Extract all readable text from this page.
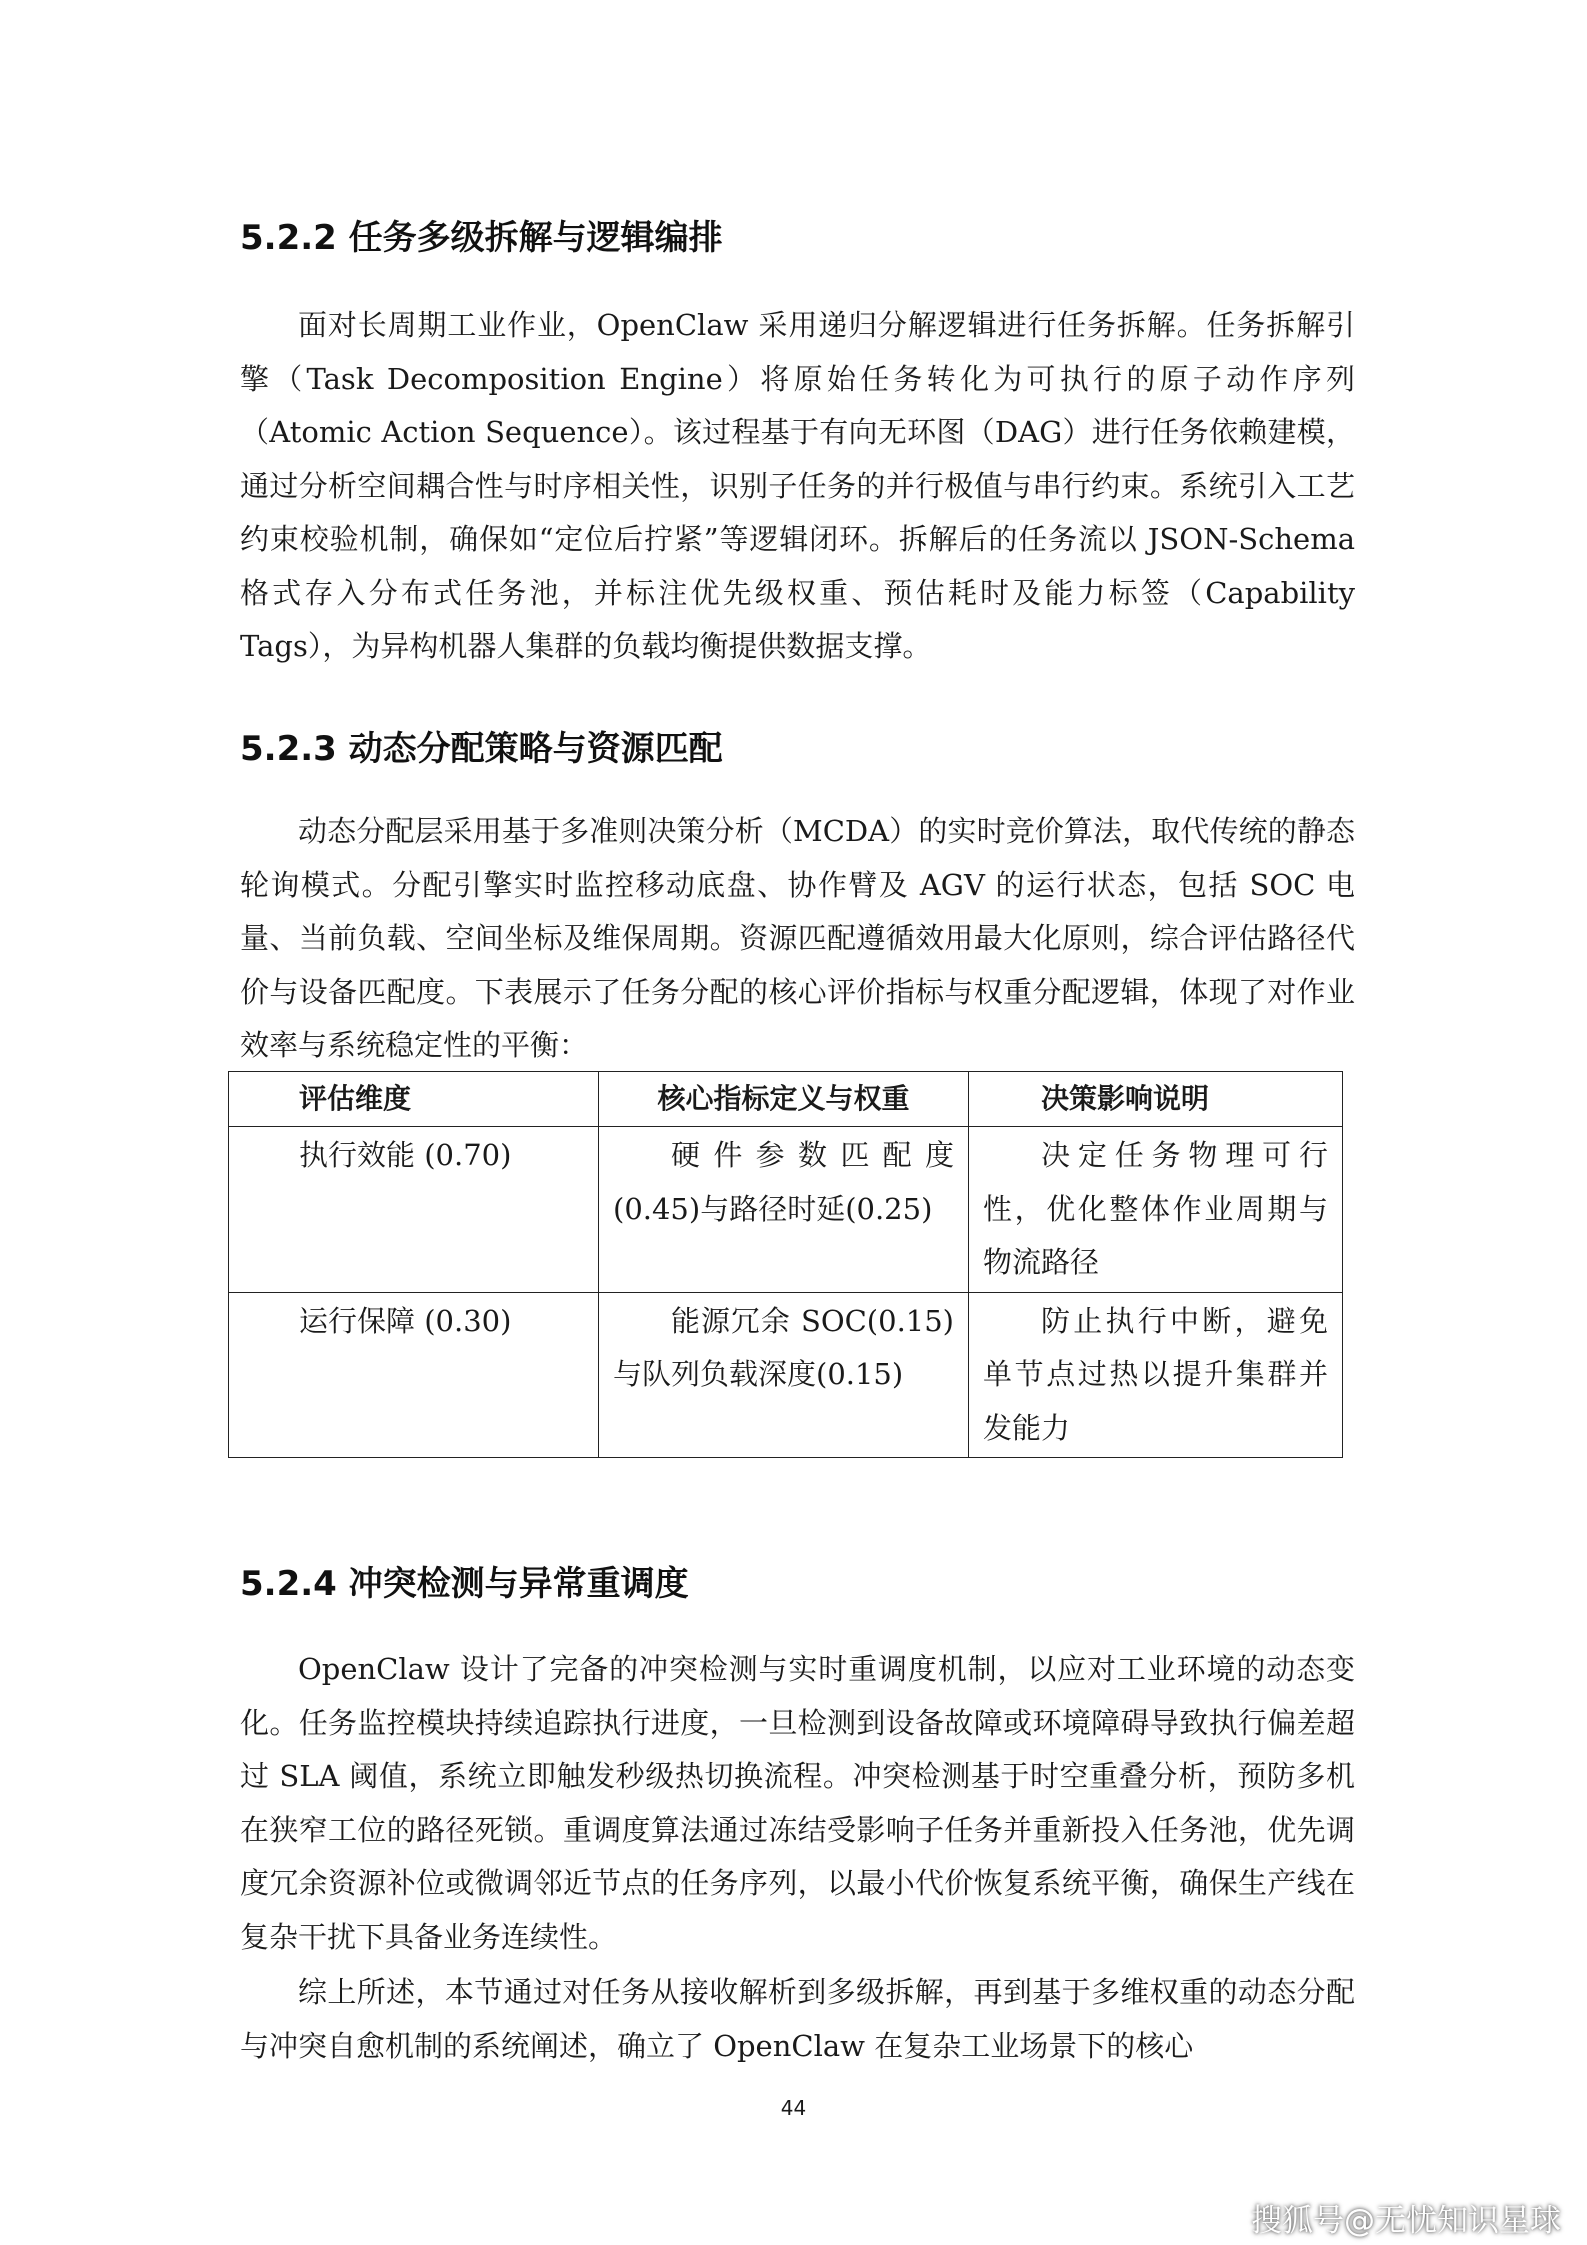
5.2.2 任务多级拆解与逻辑编排

面对长周期工业作业，OpenClaw 采用递归分解逻辑进行任务拆解。任务拆解引擎（Task Decomposition Engine）将原始任务转化为可执行的原子动作序列（Atomic Action Sequence）。该过程基于有向无环图（DAG）进行任务依赖建模，通过分析空间耦合性与时序相关性，识别子任务的并行极值与串行约束。系统引入工艺约束校验机制，确保如“定位后拧紧”等逻辑闭环。拆解后的任务流以 JSON-Schema 格式存入分布式任务池，并标注优先级权重、预估耗时及能力标签（Capability Tags），为异构机器人集群的负载均衡提供数据支撑。

5.2.3 动态分配策略与资源匹配

动态分配层采用基于多准则决策分析（MCDA）的实时竞价算法，取代传统的静态轮询模式。分配引擎实时监控移动底盘、协作臂及 AGV 的运行状态，包括 SOC 电量、当前负载、空间坐标及维保周期。资源匹配遵循效用最大化原则，综合评估路径代价与设备匹配度。下表展示了任务分配的核心评价指标与权重分配逻辑，体现了对作业效率与系统稳定性的平衡：

评估维度	核心指标定义与权重	决策影响说明
执行效能 (0.70)	硬件参数匹配度(0.45)与路径时延(0.25)	决定任务物理可行性，优化整体作业周期与物流路径
运行保障 (0.30)	能源冗余 SOC(0.15)与队列负载深度(0.15)	防止执行中断，避免单节点过热以提升集群并发能力
5.2.4 冲突检测与异常重调度

OpenClaw 设计了完备的冲突检测与实时重调度机制，以应对工业环境的动态变化。任务监控模块持续追踪执行进度，一旦检测到设备故障或环境障碍导致执行偏差超过 SLA 阈值，系统立即触发秒级热切换流程。冲突检测基于时空重叠分析，预防多机在狭窄工位的路径死锁。重调度算法通过冻结受影响子任务并重新投入任务池，优先调度冗余资源补位或微调邻近节点的任务序列，以最小代价恢复系统平衡，确保生产线在复杂干扰下具备业务连续性。

综上所述，本节通过对任务从接收解析到多级拆解，再到基于多维权重的动态分配与冲突自愈机制的系统阐述，确立了 OpenClaw 在复杂工业场景下的核心

44
搜狐号@无忧知识星球
